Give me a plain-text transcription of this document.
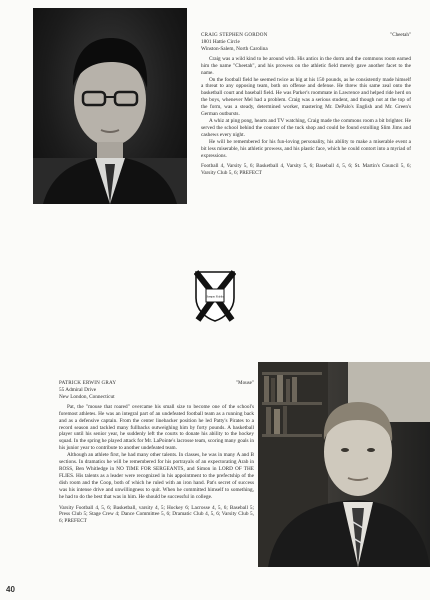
CRAIG STEPHEN GORDON	"Cheetah"
1801 Hattie Circle
Winston-Salem, North Carolina

Craig was a wild kind to be around with. His antics in the dorm and the commons room earned him the name "Cheetah", and his prowess on the athletic field merely gave another facet to the name.

On the football field he seemed twice as big at his 150 pounds, as he consistently made himself a threat to any opposing team, both on offense and defense. He threw this same zeal onto the basketball court and baseball field. He was Parker's roommate in Lawrence and helped ride herd on the boys, whenever Mel had a problem. Craig was a serious student, and though not at the top of the form, was a steady, determined worker, mastering Mr. DePalo's English and Mr. Green's German outbursts.

A whiz at ping pong, hearts and TV watching, Craig made the commons room a bit brighter. He served the school behind the counter of the tuck shop and could be found extolling Slim Jims and cashews every night.

He will be remembered for his fun-loving personality, his ability to make a miserable event a bit less miserable, his athletic prowess, and his plastic face, which he could contort into a myriad of expressions.

Football 4, Varsity 5, 6; Basketball 4, Varsity 5, 6; Baseball 4, 5, 6; St. Martin's Council 5, 6; Varsity Club 5, 6; PREFECT

Semper Fidelis
PATRICK ERWIN GRAY	"Mouse"
55 Admiral Drive
New London, Connecticut

Pat, the "mouse that roared" overcame his small size to become one of the school's foremost athletes. He was an integral part of an undefeated football team as a running back and as a defensive captain. From the center linebacker position he led Patty's Pirates to a record season and tackled many fullbacks outweighing him by forty pounds. A basketball player until his senior year, he suddenly left the courts to donate his ability to the hockey squad. In the spring he played attack for Mr. LaPointe's lacrosse team, scoring many goals in his junior year to contribute to another undefeated team.

Although an athlete first, he had many other talents. In classes, he was in many A and B sections. In dramatics he will be remembered for his portrayals of an expectorating Arab in ROSS, Ben Whitledge in NO TIME FOR SERGEANTS, and Simon in LORD OF THE FLIES. His talents as a leader were recognized in his appointment to the prefectship of the dish room and the Coop, both of which he ruled with an iron hand. Pat's secret of success was his intense drive and unwillingness to quit. When he committed himself to something, he had to do the best that was in him. He should be successful in college.

Varsity Football 4, 5, 6; Basketball, varsity 4, 5; Hockey 6; Lacrosse 4, 5, 6; Baseball 5; Press Club 5; Stage Crew 4; Dance Committee 5, 6; Dramatic Club 4, 5, 6; Varsity Club 5, 6; PREFECT

40
